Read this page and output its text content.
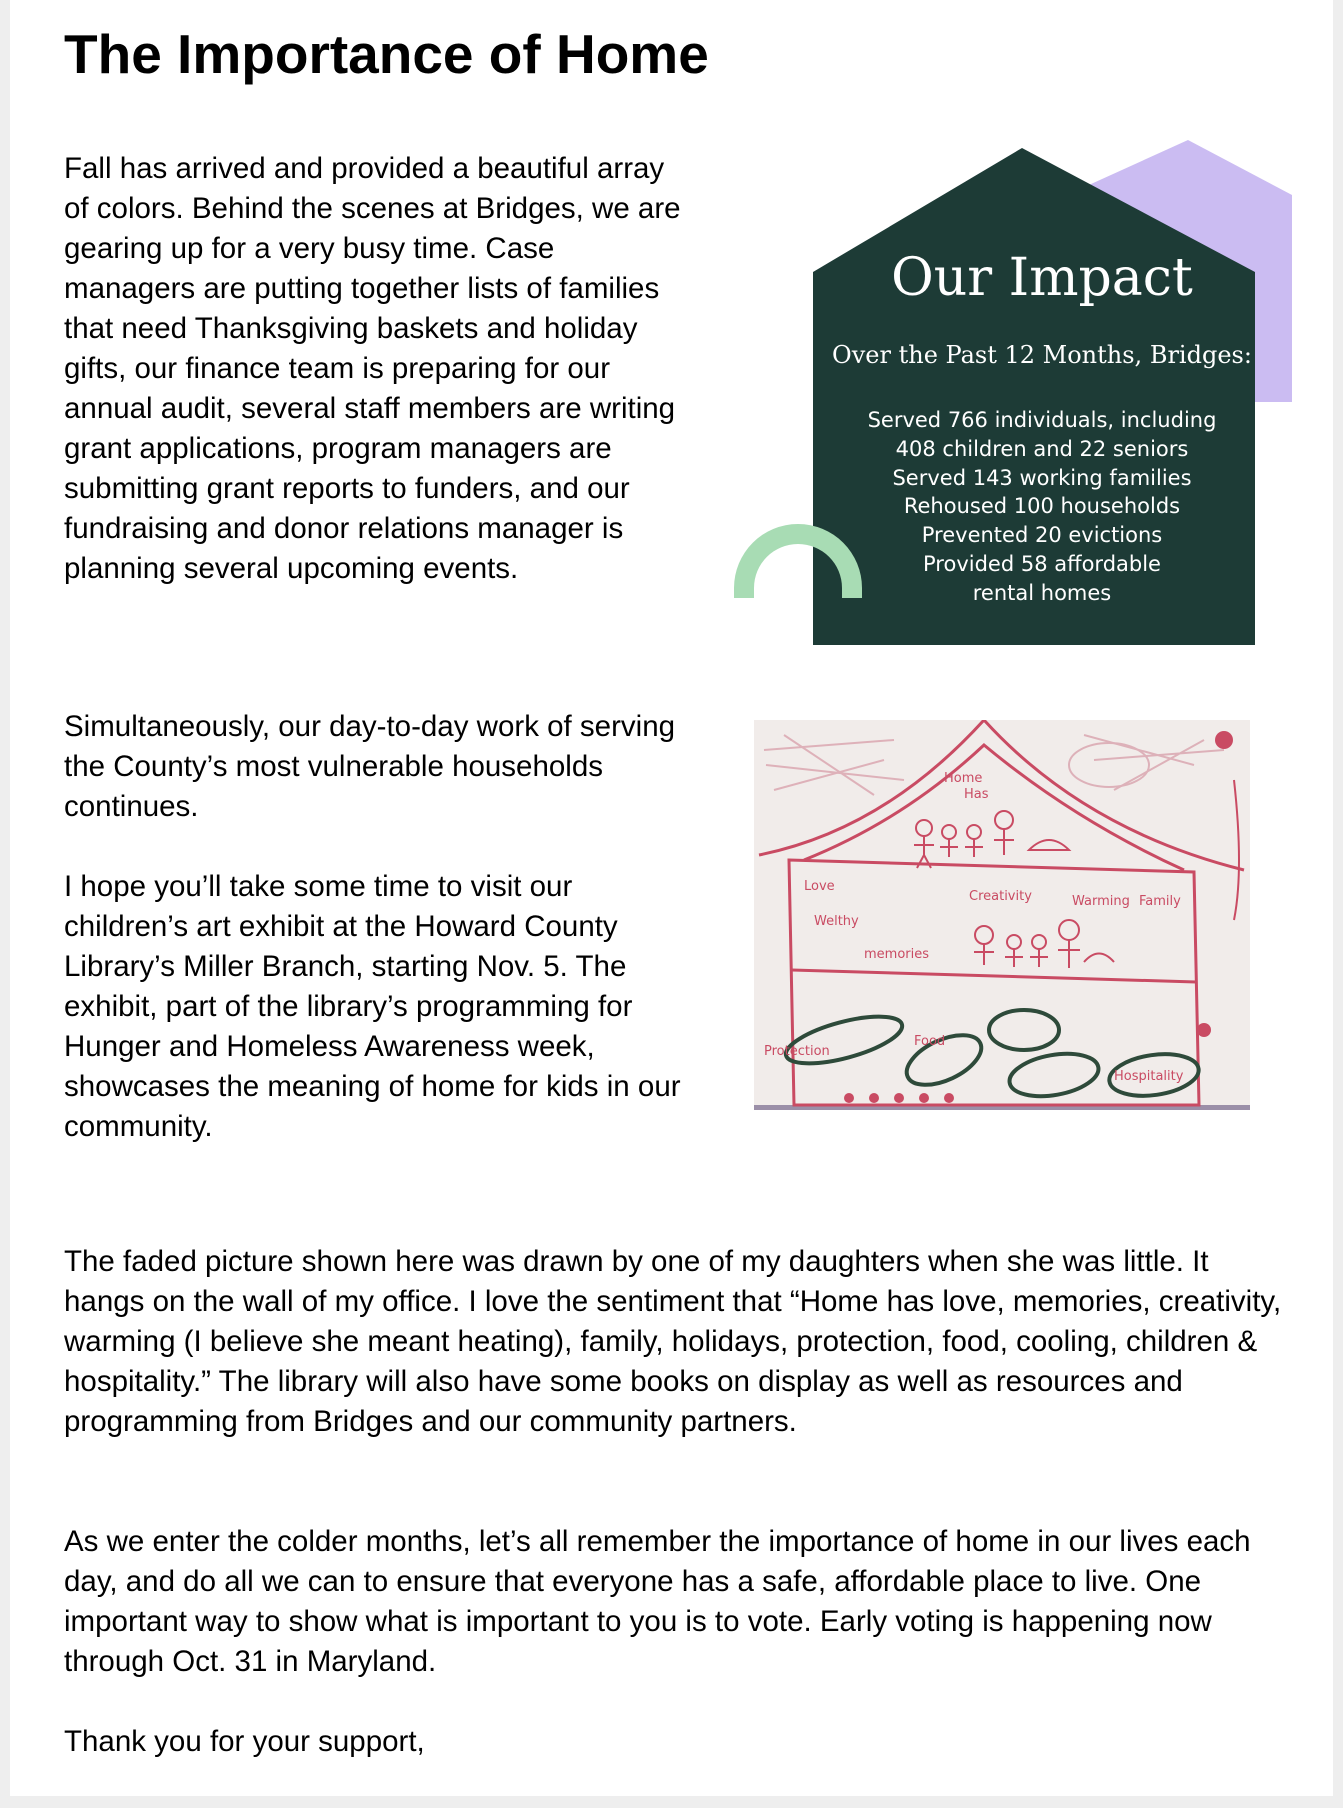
The Importance of Home

Fall has arrived and provided a beautiful array of colors. Behind the scenes at Bridges, we are gearing up for a very busy time. Case managers are putting together lists of families that need Thanksgiving baskets and holiday gifts, our finance team is preparing for our annual audit, several staff members are writing grant applications, program managers are submitting grant reports to funders, and our fundraising and donor relations manager is planning several upcoming events.

Simultaneously, our day-to-day work of serving the County’s most vulnerable households continues.

I hope you’ll take some time to visit our children’s art exhibit at the Howard County Library’s Miller Branch, starting Nov. 5. The exhibit, part of the library’s programming for Hunger and Homeless Awareness week, showcases the meaning of home for kids in our community.

The faded picture shown here was drawn by one of my daughters when she was little. It hangs on the wall of my office. I love the sentiment that “Home has love, memories, creativity, warming (I believe she meant heating), family, holidays, protection, food, cooling, children & hospitality.” The library will also have some books on display as well as resources and programming from Bridges and our community partners.

As we enter the colder months, let’s all remember the importance of home in our lives each day, and do all we can to ensure that everyone has a safe, affordable place to live. One important way to show what is important to you is to vote. Early voting is happening now through Oct. 31 in Maryland.

Thank you for your support,

Our Impact
Over the Past 12 Months, Bridges:
Served 766 individuals, including
408 children and 22 seniors
Served 143 working families
Rehoused 100 households
Prevented 20 evictions
Provided 58 affordable
rental homes
Home
Has
Love
Welthy
memories
Creativity	Warming Family
Protection
Food
Hospitality
